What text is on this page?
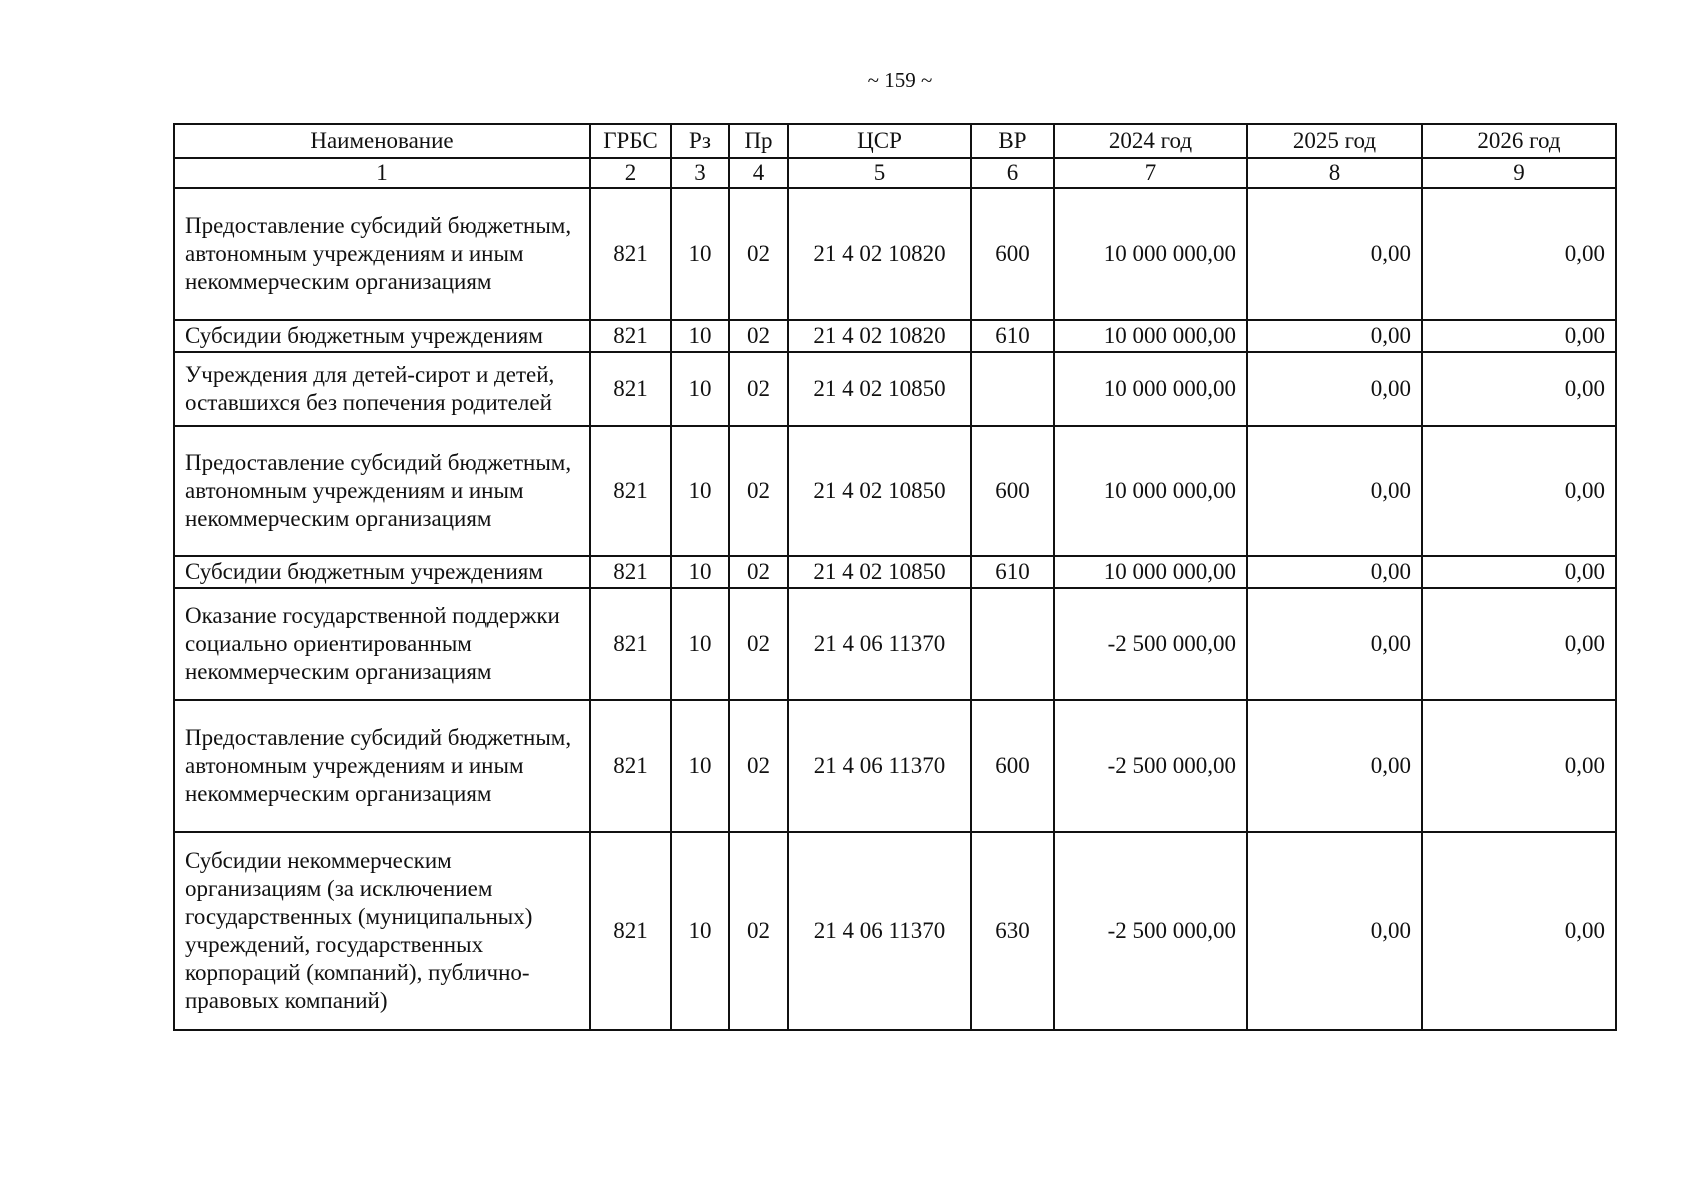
~ 159 ~
Наименование	ГРБС	Рз	Пр	ЦСР	ВР	2024 год	2025 год	2026 год
1	2	3	4	5	6	7	8	9
Предоставление субсидий бюджетным, автономным учреждениям и иным некоммерческим организациям	821	10	02	21 4 02 10820	600	10 000 000,00	0,00	0,00
Субсидии бюджетным учреждениям	821	10	02	21 4 02 10820	610	10 000 000,00	0,00	0,00
Учреждения для детей-сирот и детей, оставшихся без попечения родителей	821	10	02	21 4 02 10850		10 000 000,00	0,00	0,00
Предоставление субсидий бюджетным, автономным учреждениям и иным некоммерческим организациям	821	10	02	21 4 02 10850	600	10 000 000,00	0,00	0,00
Субсидии бюджетным учреждениям	821	10	02	21 4 02 10850	610	10 000 000,00	0,00	0,00
Оказание государственной поддержки социально ориентированным некоммерческим организациям	821	10	02	21 4 06 11370		-2 500 000,00	0,00	0,00
Предоставление субсидий бюджетным, автономным учреждениям и иным некоммерческим организациям	821	10	02	21 4 06 11370	600	-2 500 000,00	0,00	0,00
Субсидии некоммерческим организациям (за исключением государственных (муниципальных) учреждений, государственных корпораций (компаний), публично-правовых компаний)	821	10	02	21 4 06 11370	630	-2 500 000,00	0,00	0,00
